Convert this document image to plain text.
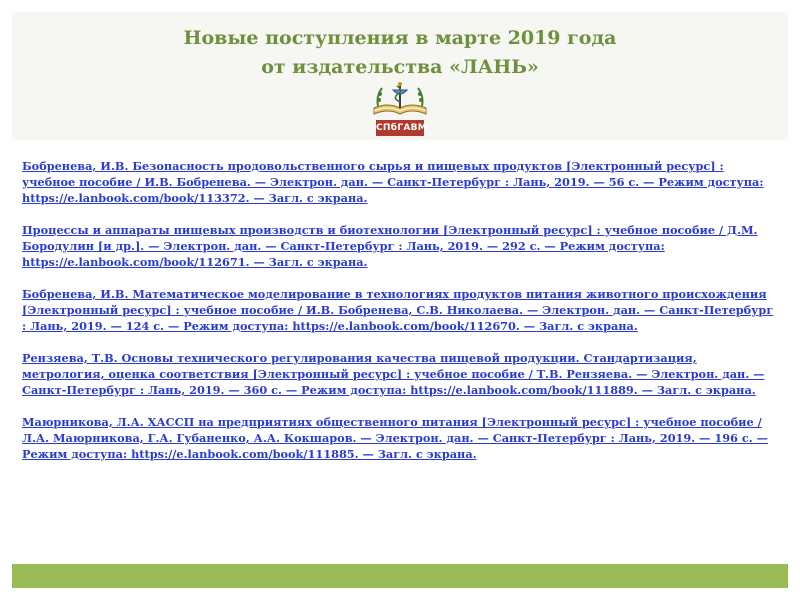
Новые поступления в марте 2019 года
от издательства «ЛАНЬ»
СПбГАВМ
Бобренева, И.В. Безопасность продовольственного сырья и пищевых продуктов [Электронный ресурс] : учебное пособие / И.В. Бобренева. — Электрон. дан. — Санкт-Петербург : Лань, 2019. — 56 с. — Режим доступа: https://e.lanbook.com/book/113372. — Загл. с экрана.
Процессы и аппараты пищевых производств и биотехнологии [Электронный ресурс] : учебное пособие / Д.М. Бородулин [и др.]. — Электрон. дан. — Санкт-Петербург : Лань, 2019. — 292 с. — Режим доступа: https://e.lanbook.com/book/112671. — Загл. с экрана.
Бобренева, И.В. Математическое моделирование в технологиях продуктов питания животного происхождения [Электронный ресурс] : учебное пособие / И.В. Бобренева, С.В. Николаева. — Электрон. дан. — Санкт-Петербург : Лань, 2019. — 124 с. — Режим доступа: https://e.lanbook.com/book/112670. — Загл. с экрана.
Рензяева, Т.В. Основы технического регулирования качества пищевой продукции. Стандартизация, метрология, оценка соответствия [Электронный ресурс] : учебное пособие / Т.В. Рензяева. — Электрон. дан. — Санкт-Петербург : Лань, 2019. — 360 с. — Режим доступа: https://e.lanbook.com/book/111889. — Загл. с экрана.
Маюрникова, Л.А. ХАССП на предприятиях общественного питания [Электронный ресурс] : учебное пособие / Л.А. Маюрникова, Г.А. Губаненко, А.А. Кокшаров. — Электрон. дан. — Санкт-Петербург : Лань, 2019. — 196 с. — Режим доступа: https://e.lanbook.com/book/111885. — Загл. с экрана.
